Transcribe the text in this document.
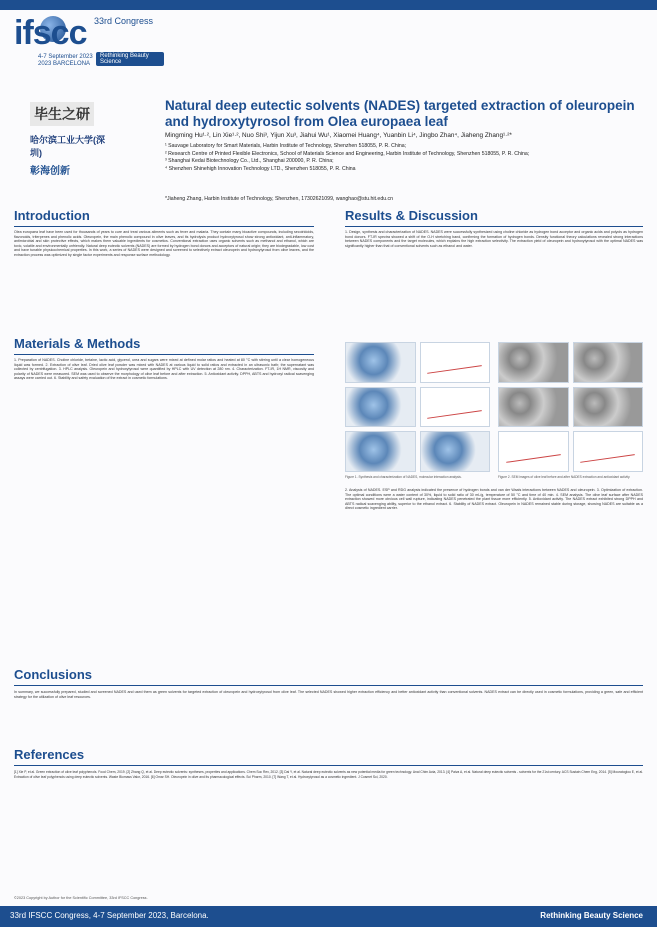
ifscc 33rd Congress
4-7 September 2023	Rethinking Beauty Science
2023 BARCELONA
毕生之研
哈尔滨工业大学(深圳)
彰海创新
Natural deep eutectic solvents (NADES) targeted extraction of oleuropein and hydroxytyrosol from Olea europaea leaf
Mingming Hu¹·², Lin Xie¹·², Nuo Shi³, Yijun Xu³, Jiahui Wu¹, Xiaomei Huang⁴, Yuanbin Li⁴, Jingbo Zhan⁴, Jiaheng Zhang¹·²*
¹ Sauvage Laboratory for Smart Materials, Harbin Institute of Technology, Shenzhen 518055, P. R. China;
² Research Centre of Printed Flexible Electronics, School of Materials Science and Engineering, Harbin Institute of Technology, Shenzhen 518055, P. R. China;
³ Shanghai Kedai Biotechnology Co., Ltd., Shanghai 200000, P. R. China;
⁴ Shenzhen Shinehigh Innovation Technology LTD., Shenzhen 518055, P. R. China
*Jiaheng Zhang, Harbin Institute of Technology, Shenzhen, 17302621099, wanghao@stu.hit.edu.cn
Introduction
Olea europaea leaf have been used for thousands of years to cure and treat various ailments such as fever and malaria. They contain many bioactive compounds, including secoiridoids, flavonoids, triterpenes and phenolic acids. Oleuropein, the main phenolic compound in olive leaves, and its hydrolysis product hydroxytyrosol show strong antioxidant, anti-inflammatory, antimicrobial and skin protective effects, which makes them valuable ingredients for cosmetics. Conventional extraction uses organic solvents such as methanol and ethanol, which are toxic, volatile and environmentally unfriendly. Natural deep eutectic solvents (NADES) are formed by hydrogen bond donors and acceptors of natural origin; they are biodegradable, low cost and have tunable physicochemical properties. In this work, a series of NADES were designed and screened to selectively extract oleuropein and hydroxytyrosol from olive leaves, and the extraction process was optimized by single factor experiments and response surface methodology.
Materials & Methods
1. Preparation of NADES. Choline chloride, betaine, lactic acid, glycerol, urea and sugars were mixed at defined molar ratios and heated at 80 °C with stirring until a clear homogeneous liquid was formed. 2. Extraction of olive leaf. Dried olive leaf powder was mixed with NADES at various liquid to solid ratios and extracted in an ultrasonic bath; the supernatant was collected by centrifugation. 3. HPLC analysis. Oleuropein and hydroxytyrosol were quantified by HPLC with UV detection at 280 nm. 4. Characterization. FT-IR, 1H NMR, viscosity and polarity of NADES were measured. SEM was used to observe the morphology of olive leaf before and after extraction. 5. Antioxidant activity. DPPH, ABTS and hydroxyl radical scavenging assays were carried out. 6. Stability and safety evaluation of the extract in cosmetic formulations.
Results & Discussion
1. Design, synthesis and characterization of NADES. NADES were successfully synthesized using choline chloride as hydrogen bond acceptor and organic acids and polyols as hydrogen bond donors. FT-IR spectra showed a shift of the O-H stretching band, confirming the formation of hydrogen bonds. Density functional theory calculations revealed strong interactions between NADES components and the target molecules, which explains the high extraction selectivity. The extraction yield of oleuropein and hydroxytyrosol with the optimal NADES was significantly higher than that of conventional solvents such as ethanol and water.
Figure 1. Synthesis and characterization of NADES, molecular interaction analysis.	Figure 2. SEM images of olive leaf before and after NADES extraction and antioxidant activity.
2. Analysis of NADES. ESP and RDG analysis indicated the presence of hydrogen bonds and van der Waals interactions between NADES and oleuropein. 3. Optimization of extraction. The optimal conditions were a water content of 30%, liquid to solid ratio of 30 mL/g, temperature of 50 °C and time of 40 min. 4. SEM analysis. The olive leaf surface after NADES extraction showed more obvious cell wall rupture, indicating NADES penetrated the plant tissue more efficiently. 5. Antioxidant activity. The NADES extract exhibited strong DPPH and ABTS radical scavenging ability, superior to the ethanol extract. 6. Stability of NADES extract. Oleuropein in NADES remained stable during storage, showing NADES are suitable as a direct cosmetic ingredient carrier.
Conclusions
In summary, we successfully prepared, studied and screened NADES and used them as green solvents for targeted extraction of oleuropein and hydroxytyrosol from olive leaf. The selected NADES showed higher extraction efficiency and better antioxidant activity than conventional solvents. NADES extract can be directly used in cosmetic formulations, providing a green, safe and efficient strategy for the utilization of olive leaf resources.
References
[1] Xie P, et al. Green extraction of olive leaf polyphenols. Food Chem, 2019. [2] Zhang Q, et al. Deep eutectic solvents: syntheses, properties and applications. Chem Soc Rev, 2012. [3] Dai Y, et al. Natural deep eutectic solvents as new potential media for green technology. Anal Chim Acta, 2013. [4] Paiva A, et al. Natural deep eutectic solvents - solvents for the 21st century. ACS Sustain Chem Eng, 2014. [5] Mouratoglou E, et al. Extraction of olive leaf polyphenols using deep eutectic solvents. Waste Biomass Valor, 2016. [6] Omar SH. Oleuropein in olive and its pharmacological effects. Sci Pharm, 2010. [7] Wang T, et al. Hydroxytyrosol as a cosmetic ingredient. J Cosmet Sci, 2020.
©2023 Copyright by Author for the Scientific Committee, 33rd IFSCC Congress.
33rd IFSCC Congress, 4-7 September 2023, Barcelona.	Rethinking Beauty Science
